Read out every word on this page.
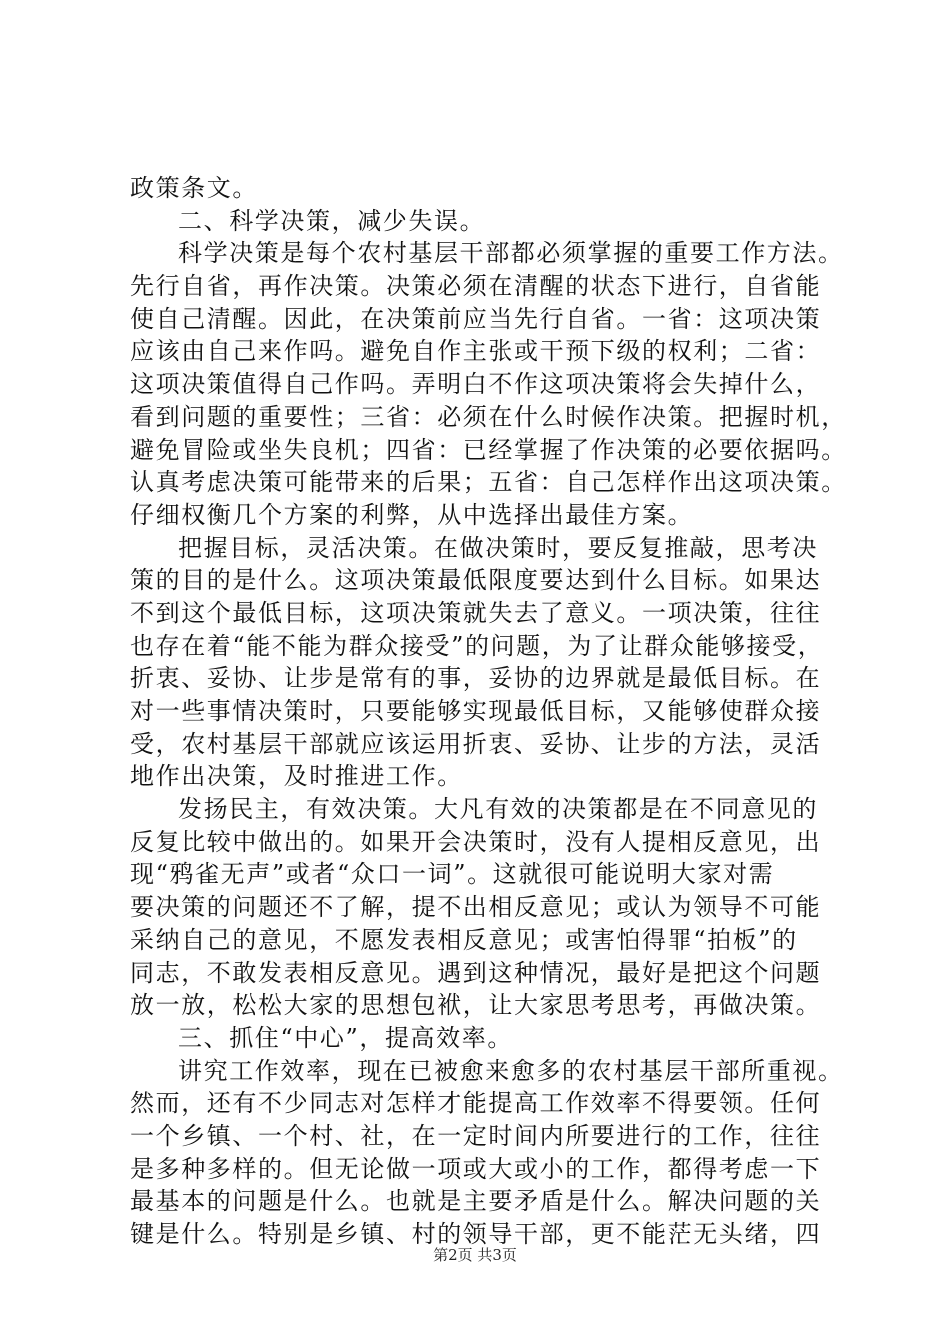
政策条文。
二、科学决策，减少失误。
科学决策是每个农村基层干部都必须掌握的重要工作方法。
先行自省，再作决策。决策必须在清醒的状态下进行，自省能
使自己清醒。因此，在决策前应当先行自省。一省：这项决策
应该由自己来作吗。避免自作主张或干预下级的权利；二省：
这项决策值得自己作吗。弄明白不作这项决策将会失掉什么，
看到问题的重要性；三省：必须在什么时候作决策。把握时机，
避免冒险或坐失良机；四省：已经掌握了作决策的必要依据吗。
认真考虑决策可能带来的后果；五省：自己怎样作出这项决策。
仔细权衡几个方案的利弊，从中选择出最佳方案。
把握目标，灵活决策。在做决策时，要反复推敲，思考决
策的目的是什么。这项决策最低限度要达到什么目标。如果达
不到这个最低目标，这项决策就失去了意义。一项决策，往往
也存在着“能不能为群众接受”的问题，为了让群众能够接受，
折衷、妥协、让步是常有的事，妥协的边界就是最低目标。在
对一些事情决策时，只要能够实现最低目标，又能够使群众接
受，农村基层干部就应该运用折衷、妥协、让步的方法，灵活
地作出决策，及时推进工作。
发扬民主，有效决策。大凡有效的决策都是在不同意见的
反复比较中做出的。如果开会决策时，没有人提相反意见，出
现“鸦雀无声”或者“众口一词”。这就很可能说明大家对需
要决策的问题还不了解，提不出相反意见；或认为领导不可能
采纳自己的意见，不愿发表相反意见；或害怕得罪“拍板”的
同志，不敢发表相反意见。遇到这种情况，最好是把这个问题
放一放，松松大家的思想包袱，让大家思考思考，再做决策。
三、抓住“中心”，提高效率。
讲究工作效率，现在已被愈来愈多的农村基层干部所重视。
然而，还有不少同志对怎样才能提高工作效率不得要领。任何
一个乡镇、一个村、社，在一定时间内所要进行的工作，往往
是多种多样的。但无论做一项或大或小的工作，都得考虑一下
最基本的问题是什么。也就是主要矛盾是什么。解决问题的关
键是什么。特别是乡镇、村的领导干部，更不能茫无头绪，四
第2页 共3页
